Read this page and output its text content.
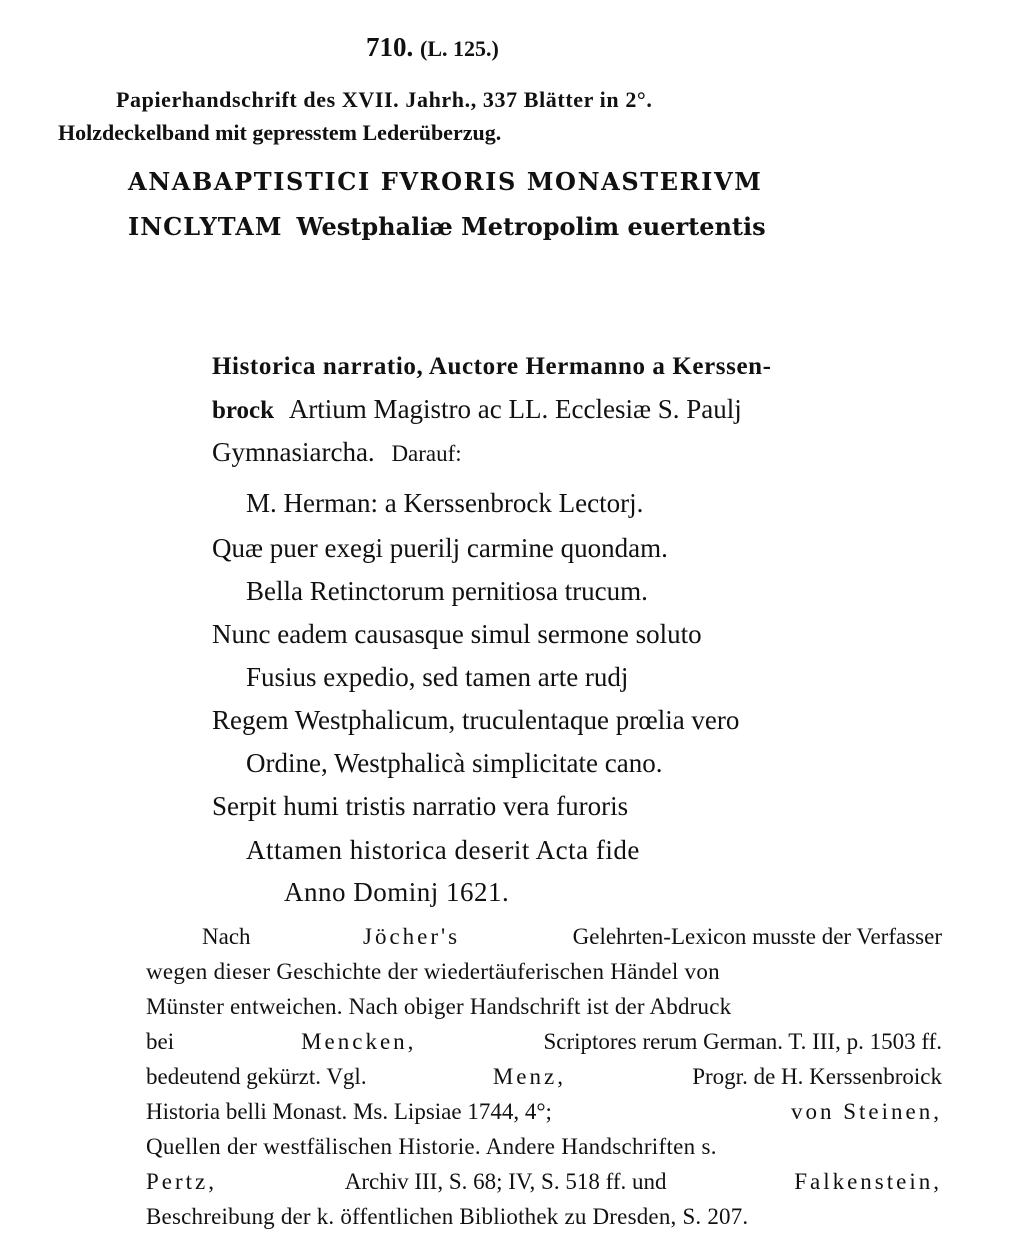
710. (L. 125.)
Papierhandschrift des XVII. Jahrh., 337 Blätter in 2°.
Holzdeckelband mit gepresstem Lederüberzug.
ANABAPTISTICI FVRORIS MONASTERIVM
INCLYTAM Westphaliæ Metropolim euertentis
Historica narratio, Auctore Hermanno a Kerssen-
brock Artium Magistro ac LL. Ecclesiæ S. Paulj
Gymnasiarcha. Darauf:
M. Herman: a Kerssenbrock Lectorj.
Quæ puer exegi puerilj carmine quondam.
Bella Retinctorum pernitiosa trucum.
Nunc eadem causasque simul sermone soluto
Fusius expedio, sed tamen arte rudj
Regem Westphalicum, truculentaque prœlia vero
Ordine, Westphalicà simplicitate cano.
Serpit humi tristis narratio vera furoris
Attamen historica deserit Acta fide
Anno Dominj 1621.
Nach	Jöcher's	Gelehrten-Lexicon musste der Verfasser
wegen dieser Geschichte der wiedertäuferischen Händel von
Münster entweichen. Nach obiger Handschrift ist der Abdruck
bei	Mencken,	Scriptores rerum German. T. III, p. 1503 ff.
bedeutend gekürzt. Vgl.	Menz,	Progr. de H. Kerssenbroick
Historia belli Monast. Ms. Lipsiae 1744, 4°;	von Steinen,
Quellen der westfälischen Historie. Andere Handschriften s.
Pertz,	Archiv III, S. 68; IV, S. 518 ff. und	Falkenstein,
Beschreibung der k. öffentlichen Bibliothek zu Dresden, S. 207.
